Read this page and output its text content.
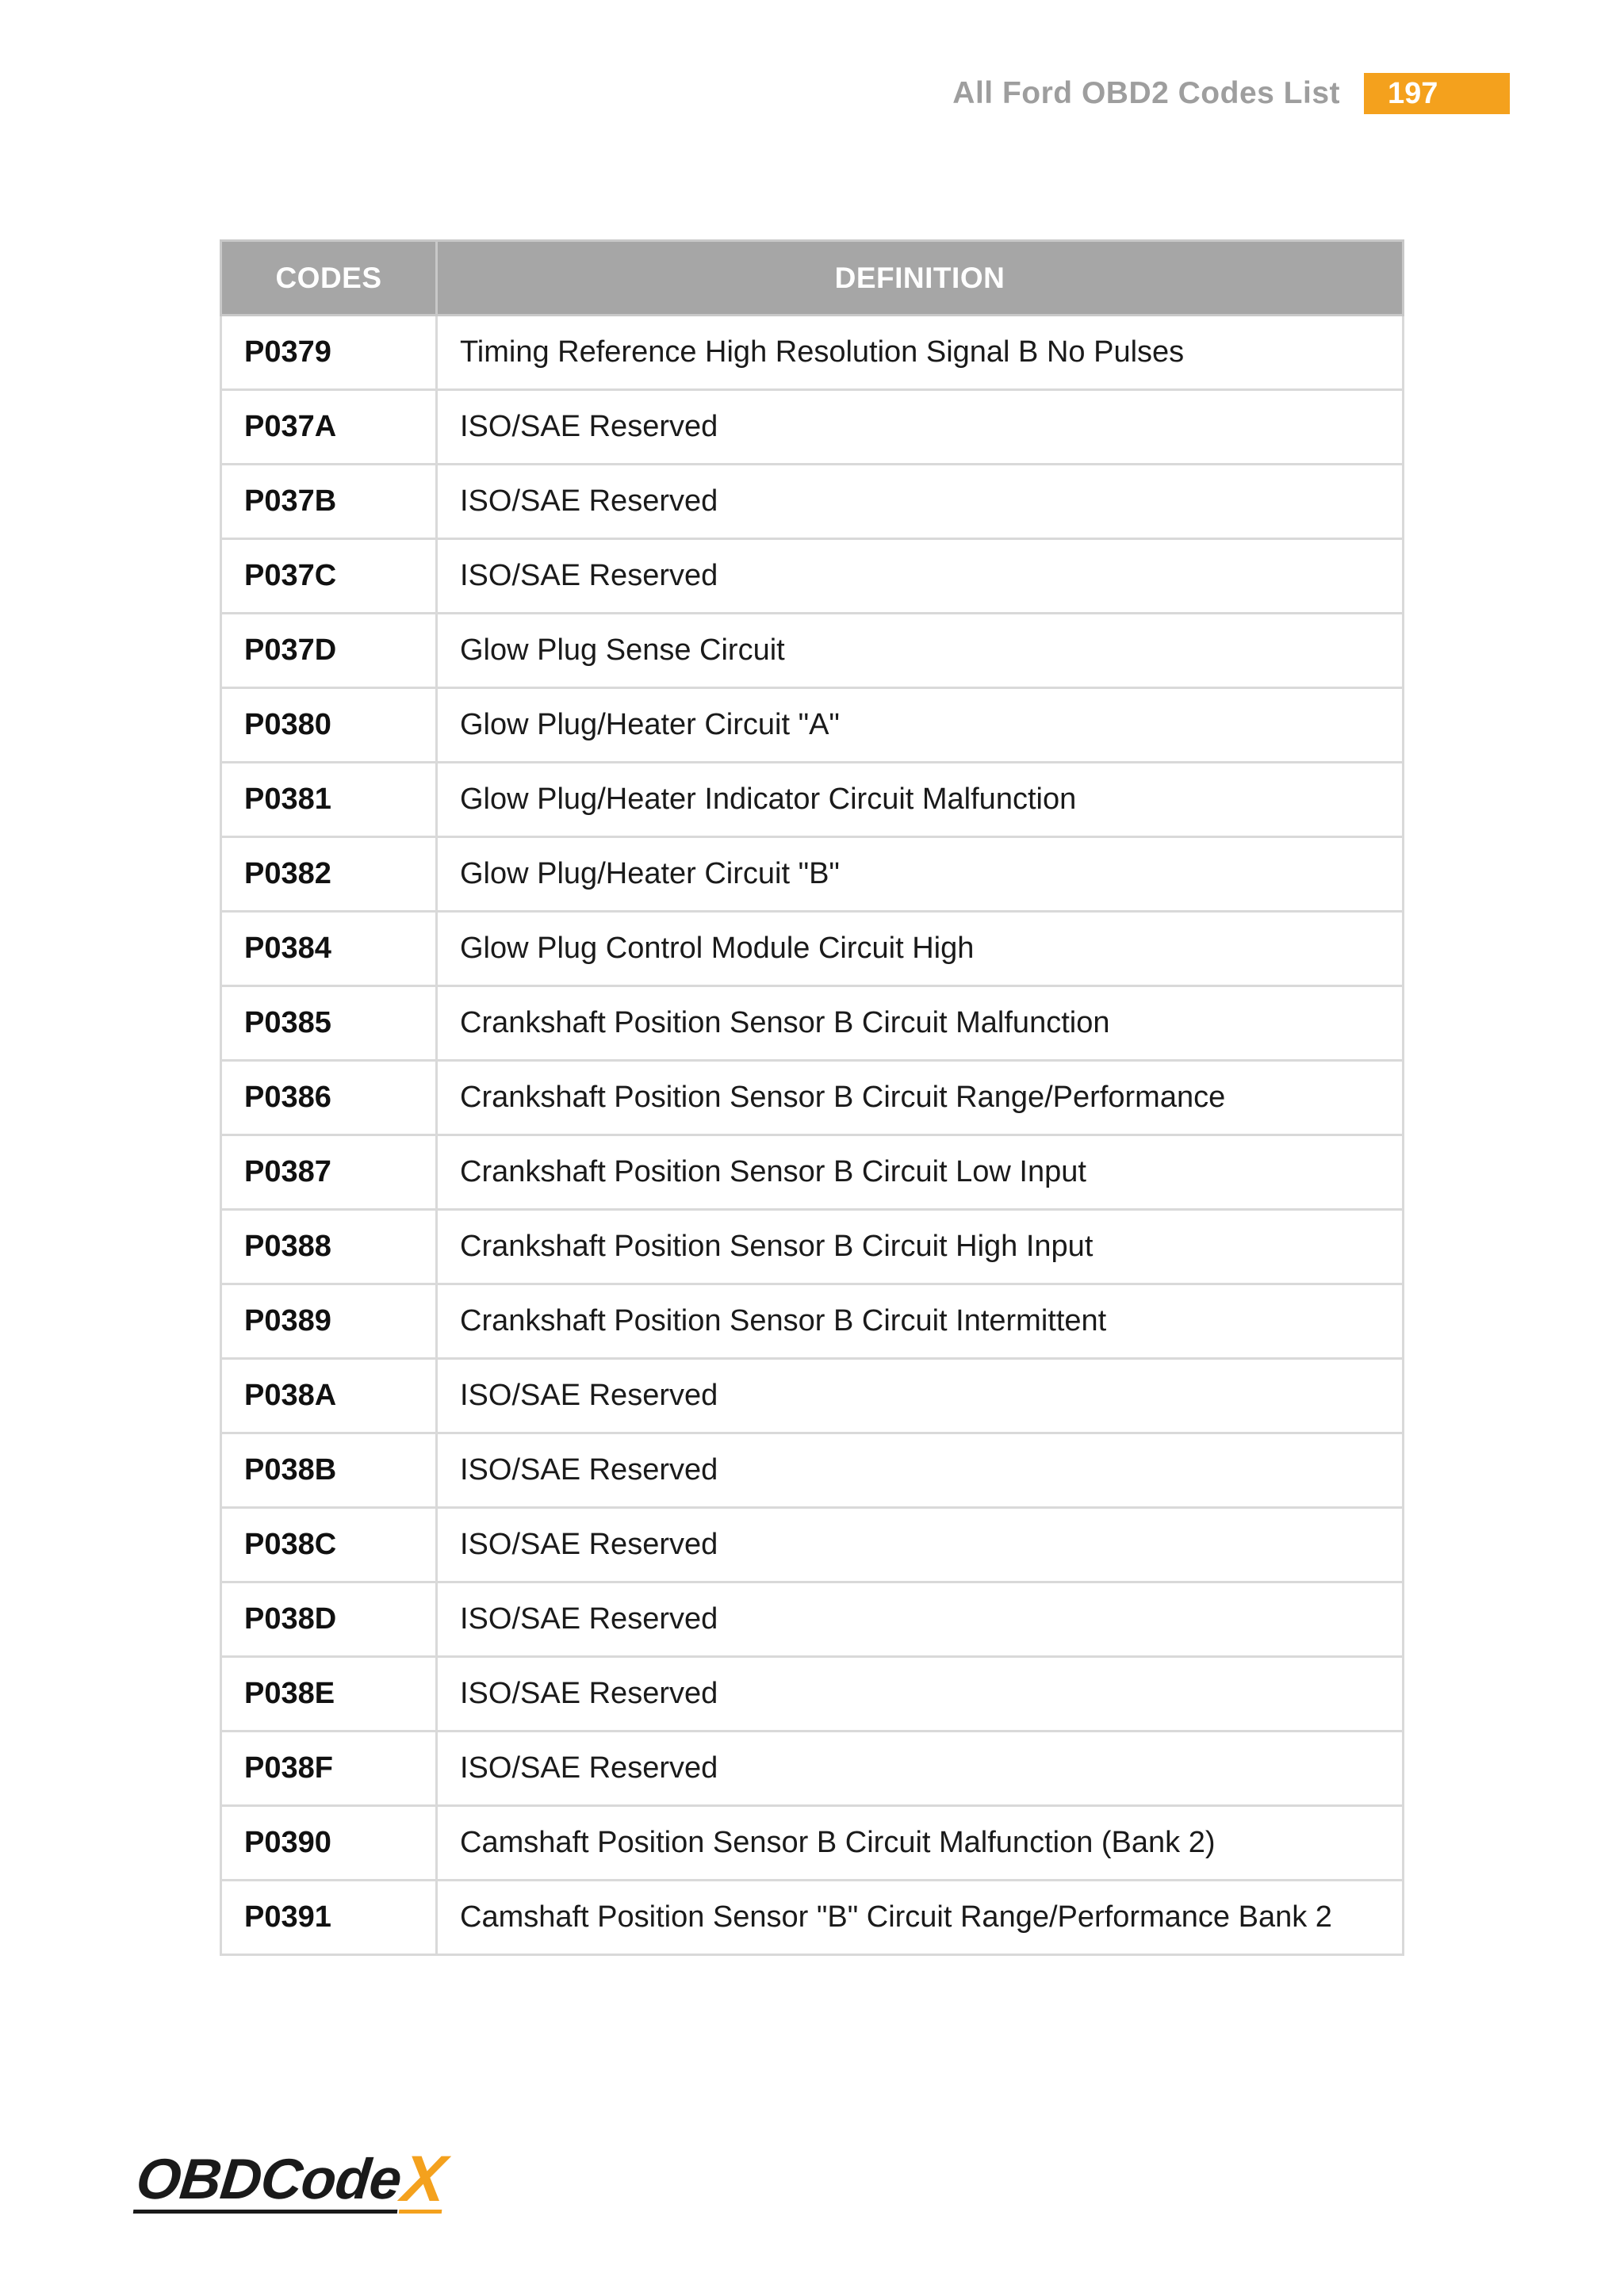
All Ford OBD2 Codes List	197
CODES	DEFINITION
P0379	Timing Reference High Resolution Signal B No Pulses
P037A	ISO/SAE Reserved
P037B	ISO/SAE Reserved
P037C	ISO/SAE Reserved
P037D	Glow Plug Sense Circuit
P0380	Glow Plug/Heater Circuit "A"
P0381	Glow Plug/Heater Indicator Circuit Malfunction
P0382	Glow Plug/Heater Circuit "B"
P0384	Glow Plug Control Module Circuit High
P0385	Crankshaft Position Sensor B Circuit Malfunction
P0386	Crankshaft Position Sensor B Circuit Range/Performance
P0387	Crankshaft Position Sensor B Circuit Low Input
P0388	Crankshaft Position Sensor B Circuit High Input
P0389	Crankshaft Position Sensor B Circuit Intermittent
P038A	ISO/SAE Reserved
P038B	ISO/SAE Reserved
P038C	ISO/SAE Reserved
P038D	ISO/SAE Reserved
P038E	ISO/SAE Reserved
P038F	ISO/SAE Reserved
P0390	Camshaft Position Sensor B Circuit Malfunction (Bank 2)
P0391	Camshaft Position Sensor "B" Circuit Range/Performance Bank 2
OBDCode
X
